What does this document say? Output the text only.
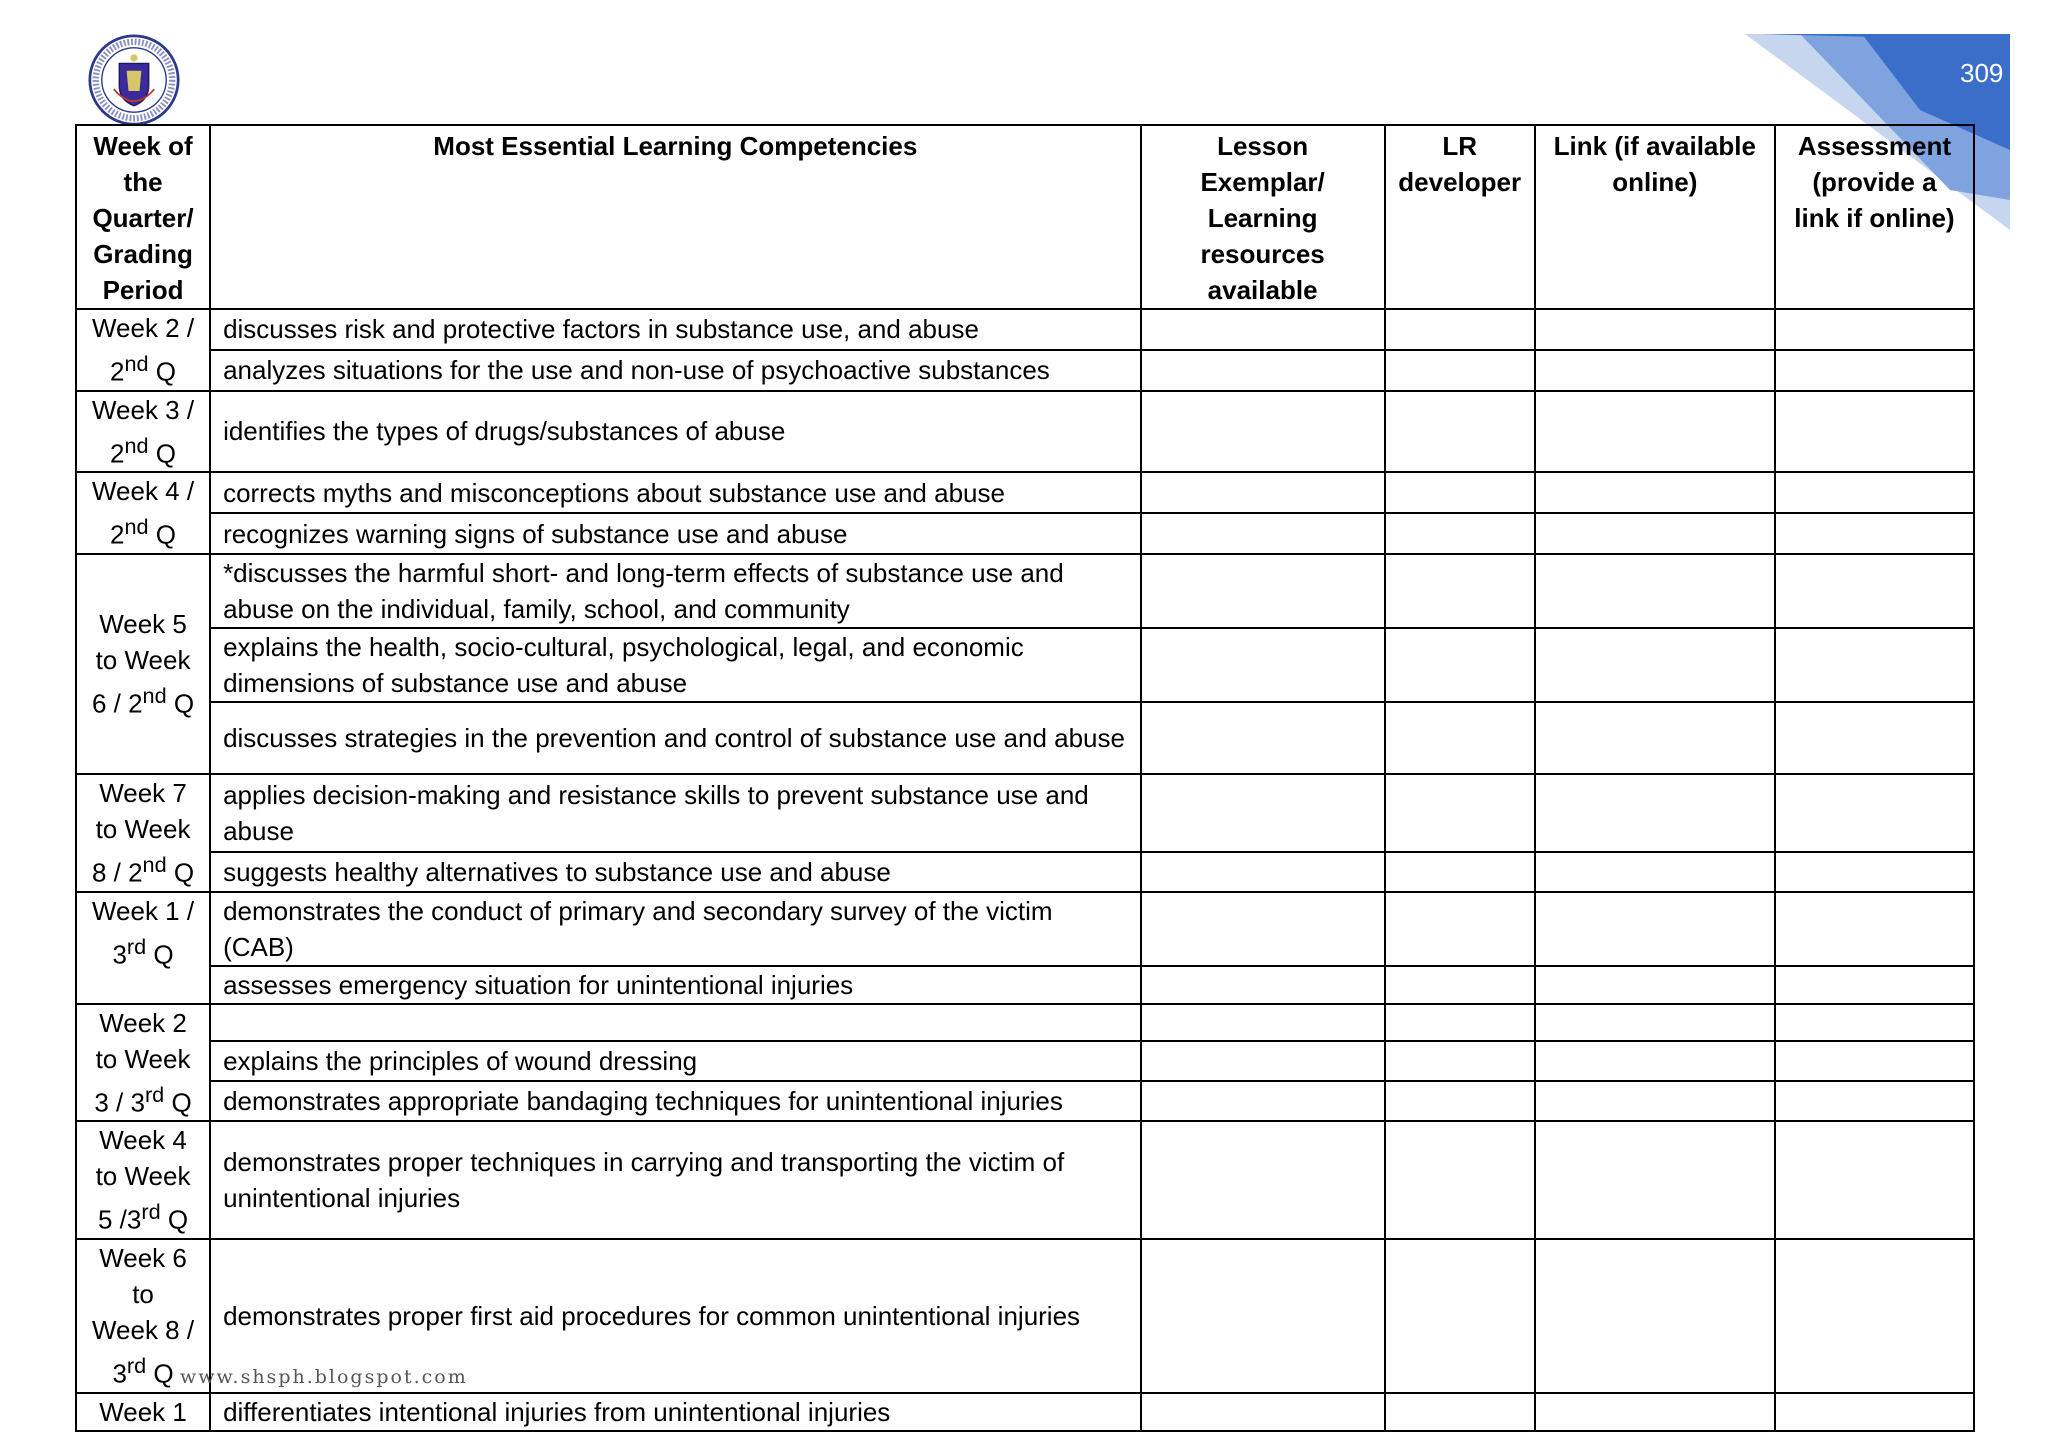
309
Week of the Quarter/ Grading Period	Most Essential Learning Competencies	Lesson Exemplar/ Learning resources available	LR developer	Link (if available online)	Assessment (provide a link if online)
Week 2 /
2nd Q	discusses risk and protective factors in substance use, and abuse				
	analyzes situations for the use and non-use of psychoactive substances				
Week 3 /
2nd Q	identifies the types of drugs/substances of abuse				
Week 4 /
2nd Q	corrects myths and misconceptions about substance use and abuse				
	recognizes warning signs of substance use and abuse				
Week 5
to Week
6 / 2nd Q	*discusses the harmful short- and long-term effects of substance use and abuse on the individual, family, school, and community				
	explains the health, socio-cultural, psychological, legal, and economic dimensions of substance use and abuse				
	discusses strategies in the prevention and control of substance use and abuse				
Week 7
to Week
8 / 2nd Q	applies decision-making and resistance skills to prevent substance use and abuse				
	suggests healthy alternatives to substance use and abuse				
Week 1 /
3rd Q	demonstrates the conduct of primary and secondary survey of the victim (CAB)				
	assesses emergency situation for unintentional injuries				
Week 2
to Week
3 / 3rd Q					
	explains the principles of wound dressing				
	demonstrates appropriate bandaging techniques for unintentional injuries				
Week 4
to Week
5 /3rd Q	demonstrates proper techniques in carrying and transporting the victim of unintentional injuries				
Week 6
to
Week 8 /
3rd Q	demonstrates proper first aid procedures for common unintentional injuries				
Week 1	differentiates intentional injuries from unintentional injuries				
www.shsph.blogspot.com
